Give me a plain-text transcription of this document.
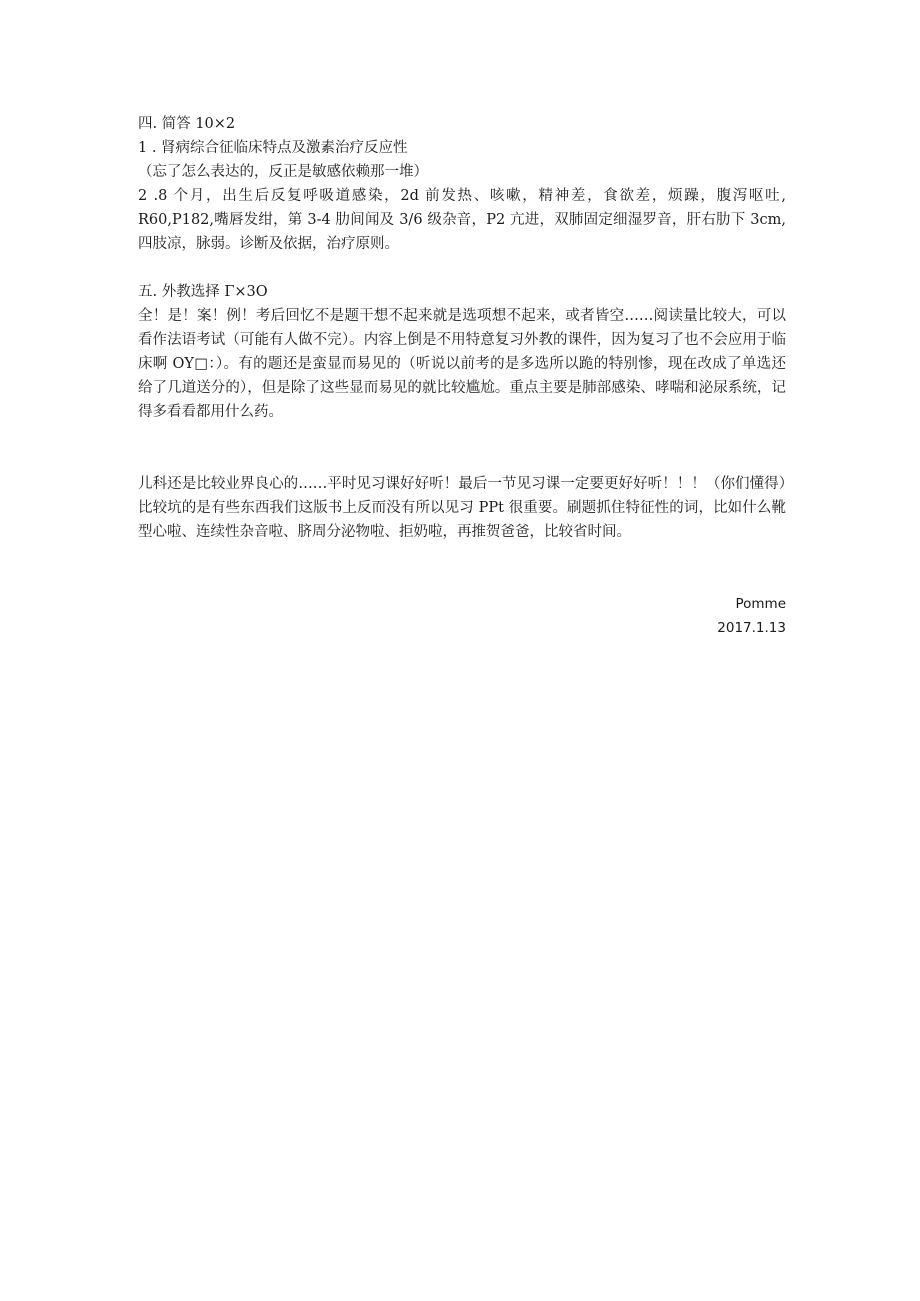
四. 简答 10×2
1 . 肾病综合征临床特点及激素治疗反应性
（忘了怎么表达的，反正是敏感依赖那一堆）
2 .8 个月，出生后反复呼吸道感染，2d 前发热、咳嗽，精神差，食欲差，烦躁，腹泻呕吐, R60,P182,嘴唇发绀，第 3-4 肋间闻及 3/6 级杂音，P2 亢进，双肺固定细湿罗音，肝右肋下 3cm,四肢凉，脉弱。诊断及依据，治疗原则。
五. 外教选择 Γ×3O
全！是！案！例！考后回忆不是题干想不起来就是选项想不起来，或者皆空……阅读量比较大，可以看作法语考试（可能有人做不完）。内容上倒是不用特意复习外教的课件，因为复习了也不会应用于临床啊 OY□：）。有的题还是蛮显而易见的（听说以前考的是多选所以跪的特别惨，现在改成了单选还给了几道送分的），但是除了这些显而易见的就比较尴尬。重点主要是肺部感染、哮喘和泌尿系统，记得多看看都用什么药。
儿科还是比较业界良心的……平时见习课好好听！最后一节见习课一定要更好好听！！！（你们懂得）比较坑的是有些东西我们这版书上反而没有所以见习 PPt 很重要。刷题抓住特征性的词，比如什么靴型心啦、连续性杂音啦、脐周分泌物啦、拒奶啦，再推贺爸爸，比较省时间。
Pomme
2017.1.13
